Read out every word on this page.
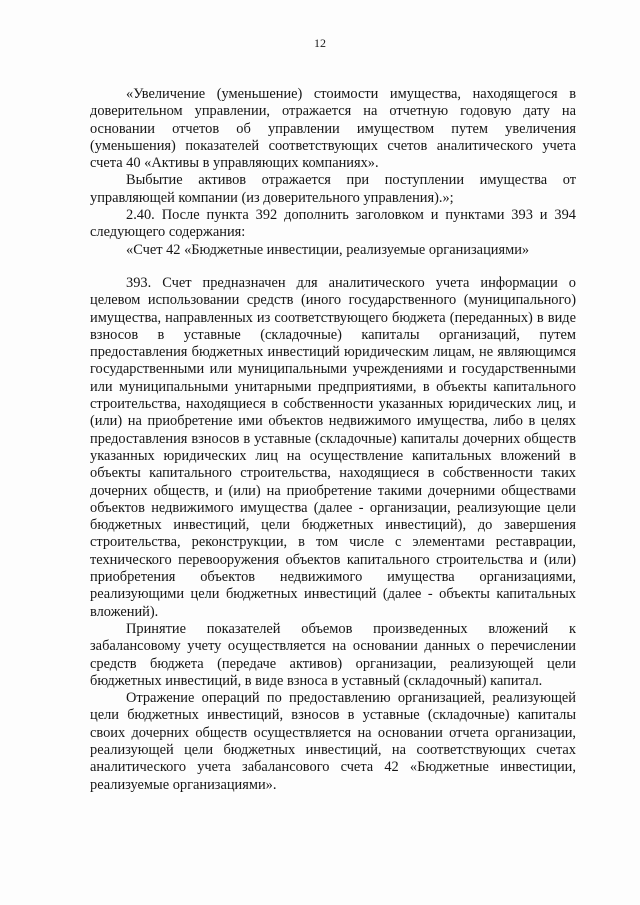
12

«Увеличение (уменьшение) стоимости имущества, находящегося в доверительном управлении, отражается на отчетную годовую дату на основании отчетов об управлении имуществом путем увеличения (уменьшения) показателей соответствующих счетов аналитического учета счета 40 «Активы в управляющих компаниях».

Выбытие активов отражается при поступлении имущества от управляющей компании (из доверительного управления).»;

2.40. После пункта 392 дополнить заголовком и пунктами 393 и 394 следующего содержания:

«Счет 42 «Бюджетные инвестиции, реализуемые организациями»

393. Счет предназначен для аналитического учета информации о целевом использовании средств (иного государственного (муниципального) имущества, направленных из соответствующего бюджета (переданных) в виде взносов в уставные (складочные) капиталы организаций, путем предоставления бюджетных инвестиций юридическим лицам, не являющимся государственными или муниципальными учреждениями и государственными или муниципальными унитарными предприятиями, в объекты капитального строительства, находящиеся в собственности указанных юридических лиц, и (или) на приобретение ими объектов недвижимого имущества, либо в целях предоставления взносов в уставные (складочные) капиталы дочерних обществ указанных юридических лиц на осуществление капитальных вложений в объекты капитального строительства, находящиеся в собственности таких дочерних обществ, и (или) на приобретение такими дочерними обществами объектов недвижимого имущества (далее - организации, реализующие цели бюджетных инвестиций, цели бюджетных инвестиций), до завершения строительства, реконструкции, в том числе с элементами реставрации, технического перевооружения объектов капитального строительства и (или) приобретения объектов недвижимого имущества организациями, реализующими цели бюджетных инвестиций (далее - объекты капитальных вложений).

Принятие показателей объемов произведенных вложений к забалансовому учету осуществляется на основании данных о перечислении средств бюджета (передаче активов) организации, реализующей цели бюджетных инвестиций, в виде взноса в уставный (складочный) капитал.

Отражение операций по предоставлению организацией, реализующей цели бюджетных инвестиций, взносов в уставные (складочные) капиталы своих дочерних обществ осуществляется на основании отчета организации, реализующей цели бюджетных инвестиций, на соответствующих счетах аналитического учета забалансового счета 42 «Бюджетные инвестиции, реализуемые организациями».
